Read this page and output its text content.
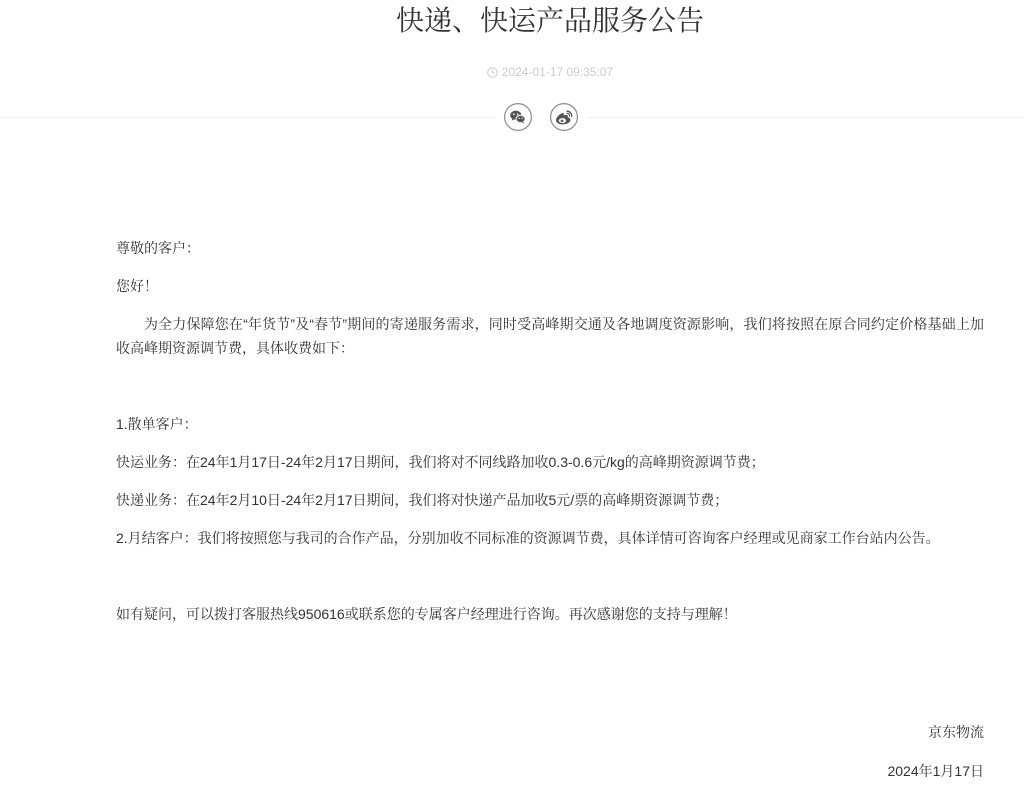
快递、快运产品服务公告
2024-01-17 09:35:07

尊敬的客户：

您好！

为全力保障您在“年货节”及“春节”期间的寄递服务需求，同时受高峰期交通及各地调度资源影响，我们将按照在原合同约定价格基础上加收高峰期资源调节费，具体收费如下：

1.散单客户：

快运业务：在24年1月17日-24年2月17日期间，我们将对不同线路加收0.3-0.6元/kg的高峰期资源调节费；

快递业务：在24年2月10日-24年2月17日期间，我们将对快递产品加收5元/票的高峰期资源调节费；

2.月结客户：我们将按照您与我司的合作产品，分别加收不同标准的资源调节费，具体详情可咨询客户经理或见商家工作台站内公告。

如有疑问，可以拨打客服热线950616或联系您的专属客户经理进行咨询。再次感谢您的支持与理解！

京东物流

2024年1月17日
